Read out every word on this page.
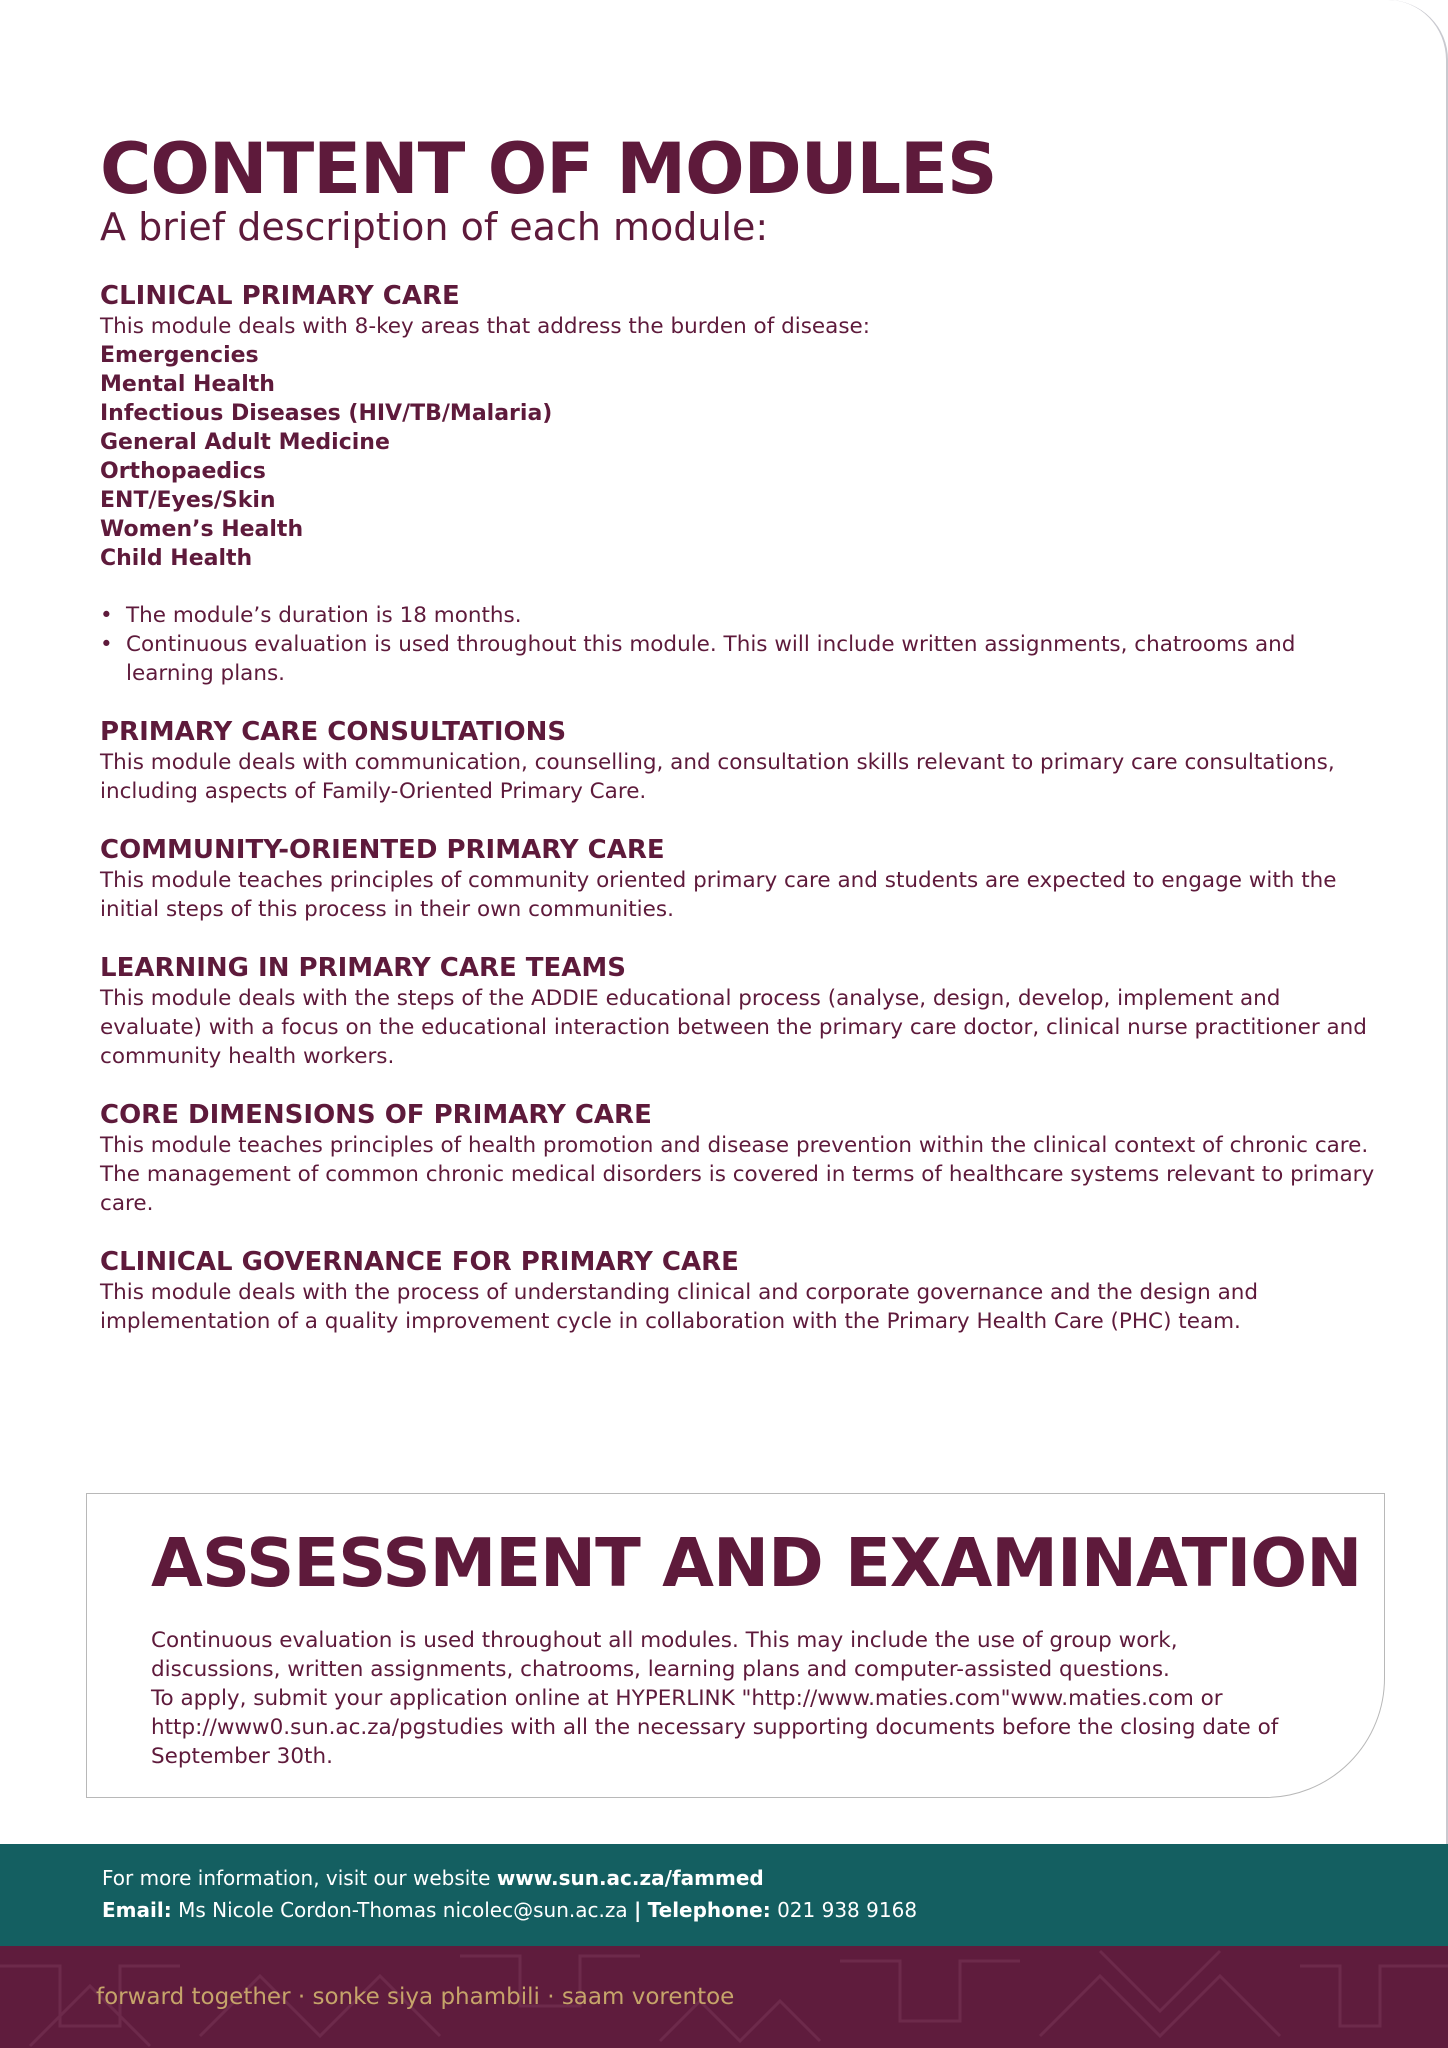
CONTENT OF MODULES

A brief description of each module:

CLINICAL PRIMARY CARE

This module deals with 8-key areas that address the burden of disease:

Emergencies
Mental Health
Infectious Diseases (HIV/TB/Malaria)
General Adult Medicine
Orthopaedics
ENT/Eyes/Skin
Women’s Health
Child Health
• The module’s duration is 18 months.
• Continuous evaluation is used throughout this module. This will include written assignments, chatrooms and learning plans.
PRIMARY CARE CONSULTATIONS

This module deals with communication, counselling, and consultation skills relevant to primary care consultations, including aspects of Family-Oriented Primary Care.

COMMUNITY-ORIENTED PRIMARY CARE

This module teaches principles of community oriented primary care and students are expected to engage with the initial steps of this process in their own communities.

LEARNING IN PRIMARY CARE TEAMS

This module deals with the steps of the ADDIE educational process (analyse, design, develop, implement and evaluate) with a focus on the educational interaction between the primary care doctor, clinical nurse practitioner and community health workers.

CORE DIMENSIONS OF PRIMARY CARE

This module teaches principles of health promotion and disease prevention within the clinical context of chronic care. The management of common chronic medical disorders is covered in terms of healthcare systems relevant to primary care.

CLINICAL GOVERNANCE FOR PRIMARY CARE

This module deals with the process of understanding clinical and corporate governance and the design and implementation of a quality improvement cycle in collaboration with the Primary Health Care (PHC) team.

ASSESSMENT AND EXAMINATION

Continuous evaluation is used throughout all modules. This may include the use of group work, discussions, written assignments, chatrooms, learning plans and computer-assisted questions.
To apply, submit your application online at HYPERLINK "http://www.maties.com"www.maties.com or http://www0.sun.ac.za/pgstudies with all the necessary supporting documents before the closing date of September 30th.

For more information, visit our website www.sun.ac.za/fammed
Email: Ms Nicole Cordon-Thomas nicolec@sun.ac.za | Telephone: 021 938 9168
forward together · sonke siya phambili · saam vorentoe
